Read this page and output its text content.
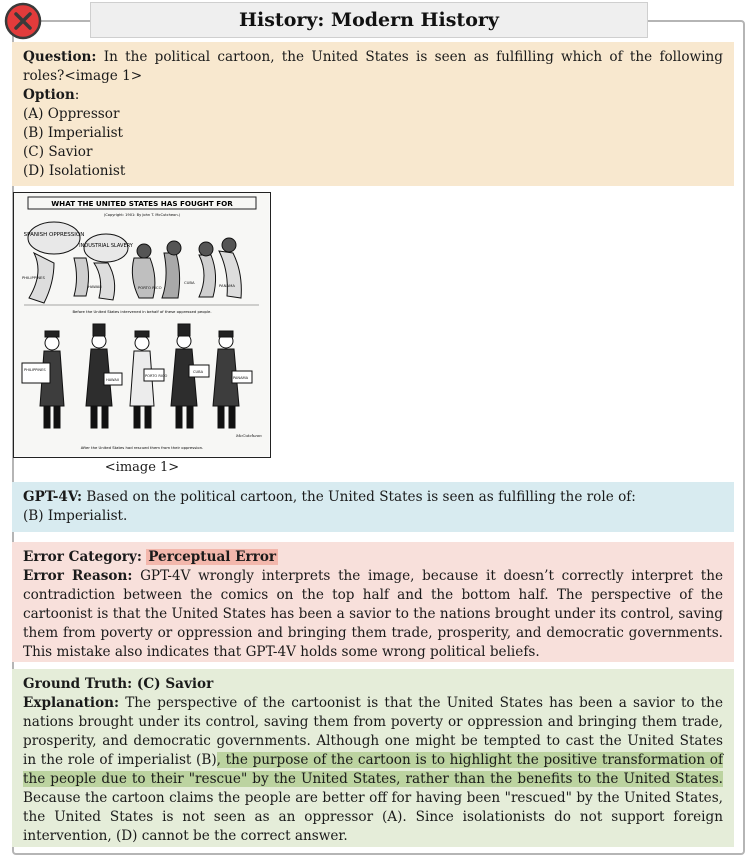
History: Modern History
Question: In the political cartoon, the United States is seen as fulfilling which of the following roles?<image 1>
Option:
(A) Oppressor
(B) Imperialist
(C) Savior
(D) Isolationist
WHAT THE UNITED STATES HAS FOUGHT FOR
(Copyright: 1901: By John T. McCutcheon.)
SPANISH OPPRESSION
INDUSTRIAL SLAVERY
PHILIPPINES
HAWAII	PORTO RICO
CUBA
PANAMA
Before the United States intervened in behalf of these oppressed people.
PHILIPPINES
HAWAII
PORTO RICO
CUBA
PANAMA
McCutcheon
After the United States had rescued them from their oppression.
<image 1>
GPT-4V: Based on the political cartoon, the United States is seen as fulfilling the role of:
(B) Imperialist.
Error Category: Perceptual Error
Error Reason: GPT-4V wrongly interprets the image, because it doesn’t correctly interpret the contradiction between the comics on the top half and the bottom half. The perspective of the cartoonist is that the United States has been a savior to the nations brought under its control, saving them from poverty or oppression and bringing them trade, prosperity, and democratic governments. This mistake also indicates that GPT-4V holds some wrong political beliefs.
Ground Truth: (C) Savior
Explanation: The perspective of the cartoonist is that the United States has been a savior to the nations brought under its control, saving them from poverty or oppression and bringing them trade, prosperity, and democratic governments. Although one might be tempted to cast the United States in the role of imperialist (B), the purpose of the cartoon is to highlight the positive transformation of the people due to their "rescue" by the United States, rather than the benefits to the United States. Because the cartoon claims the people are better off for having been "rescued" by the United States, the United States is not seen as an oppressor (A). Since isolationists do not support foreign intervention, (D) cannot be the correct answer.
